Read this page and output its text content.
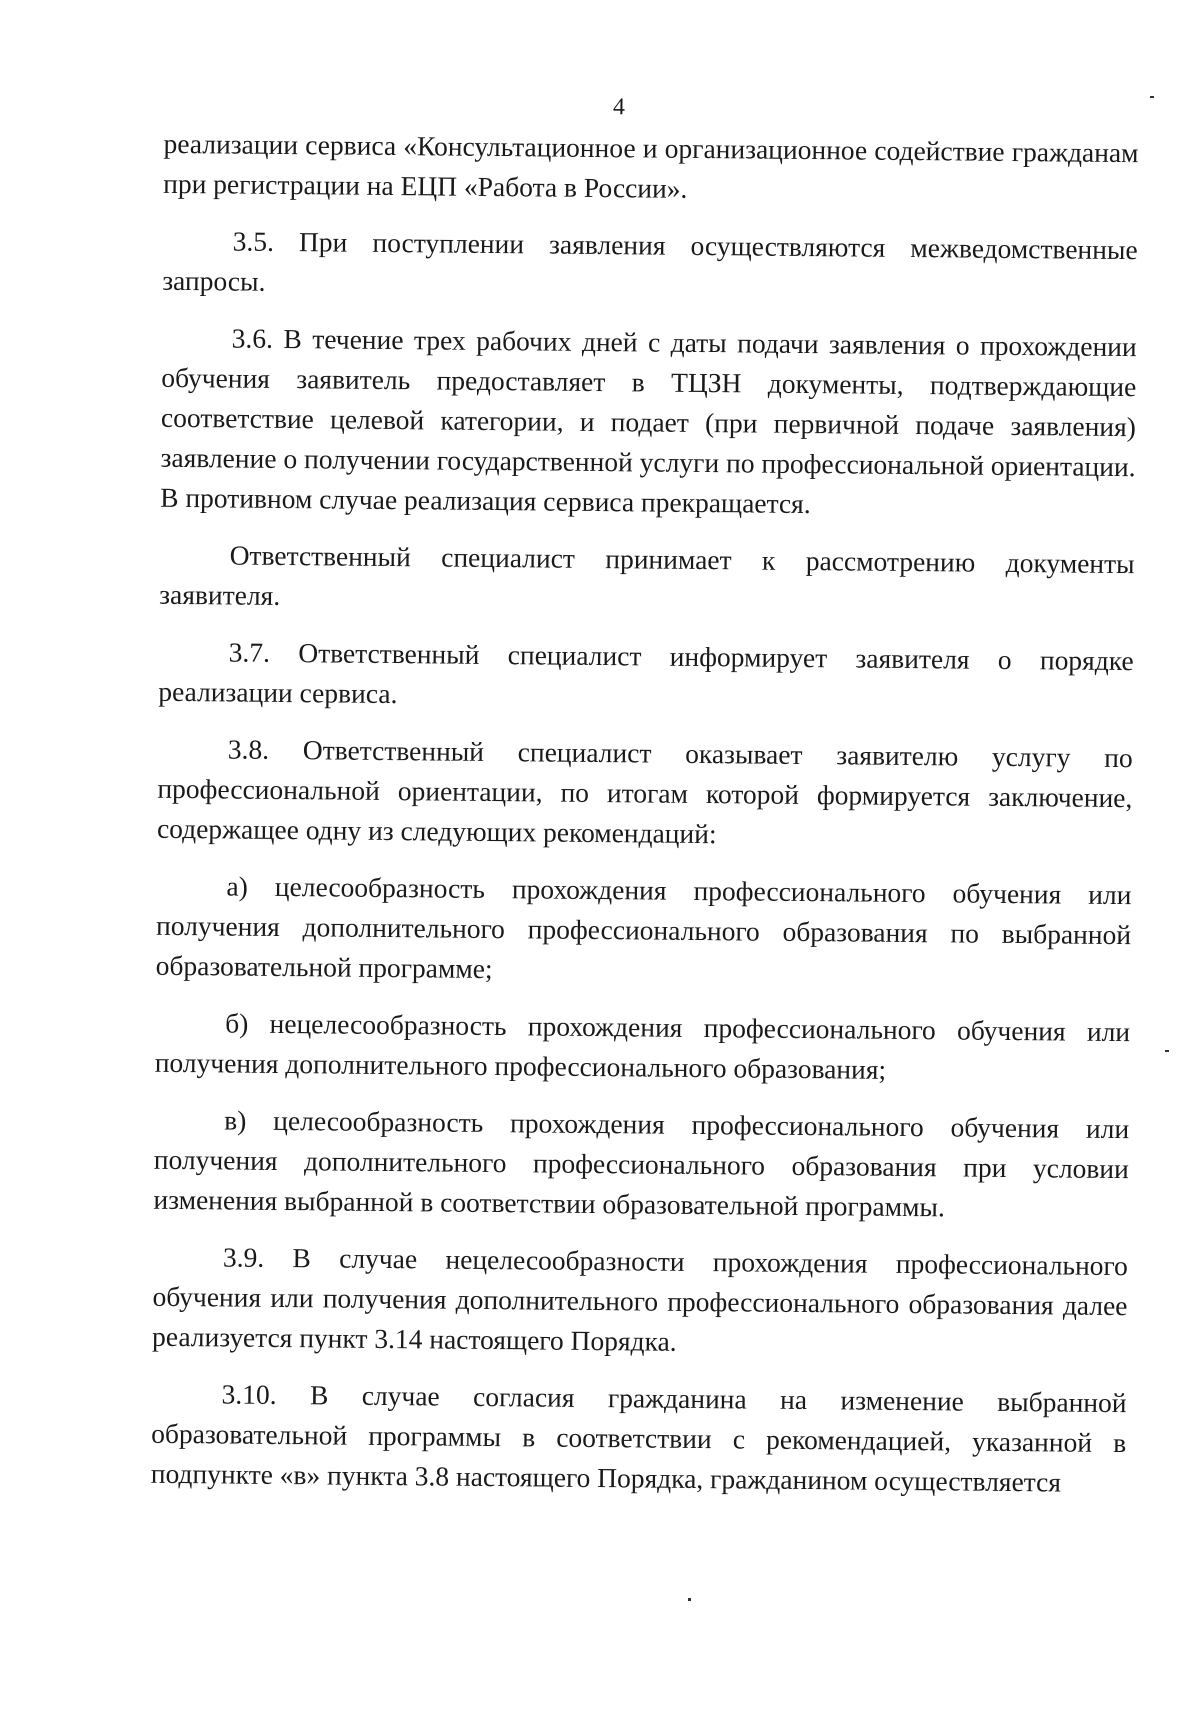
4

реализации сервиса «Консультационное и организационное содействие гражданам при регистрации на ЕЦП «Работа в России».

3.5. При поступлении заявления осуществляются межведомственные запросы.

3.6. В течение трех рабочих дней с даты подачи заявления о прохождении обучения заявитель предоставляет в ТЦЗН документы, подтверждающие соответствие целевой категории, и подает (при первичной подаче заявления) заявление о получении государственной услуги по профессиональной ориентации. В противном случае реализация сервиса прекращается.

Ответственный специалист принимает к рассмотрению документы заявителя.

3.7. Ответственный специалист информирует заявителя о порядке реализации сервиса.

3.8. Ответственный специалист оказывает заявителю услугу по профессиональной ориентации, по итогам которой формируется заключение, содержащее одну из следующих рекомендаций:

а) целесообразность прохождения профессионального обучения или получения дополнительного профессионального образования по выбранной образовательной программе;

б) нецелесообразность прохождения профессионального обучения или получения дополнительного профессионального образования;

в) целесообразность прохождения профессионального обучения или получения дополнительного профессионального образования при условии изменения выбранной в соответствии образовательной программы.

3.9. В случае нецелесообразности прохождения профессионального обучения или получения дополнительного профессионального образования далее реализуется пункт 3.14 настоящего Порядка.

3.10. В случае согласия гражданина на изменение выбранной образовательной программы в соответствии с рекомендацией, указанной в подпункте «в» пункта 3.8 настоящего Порядка, гражданином осуществляется
